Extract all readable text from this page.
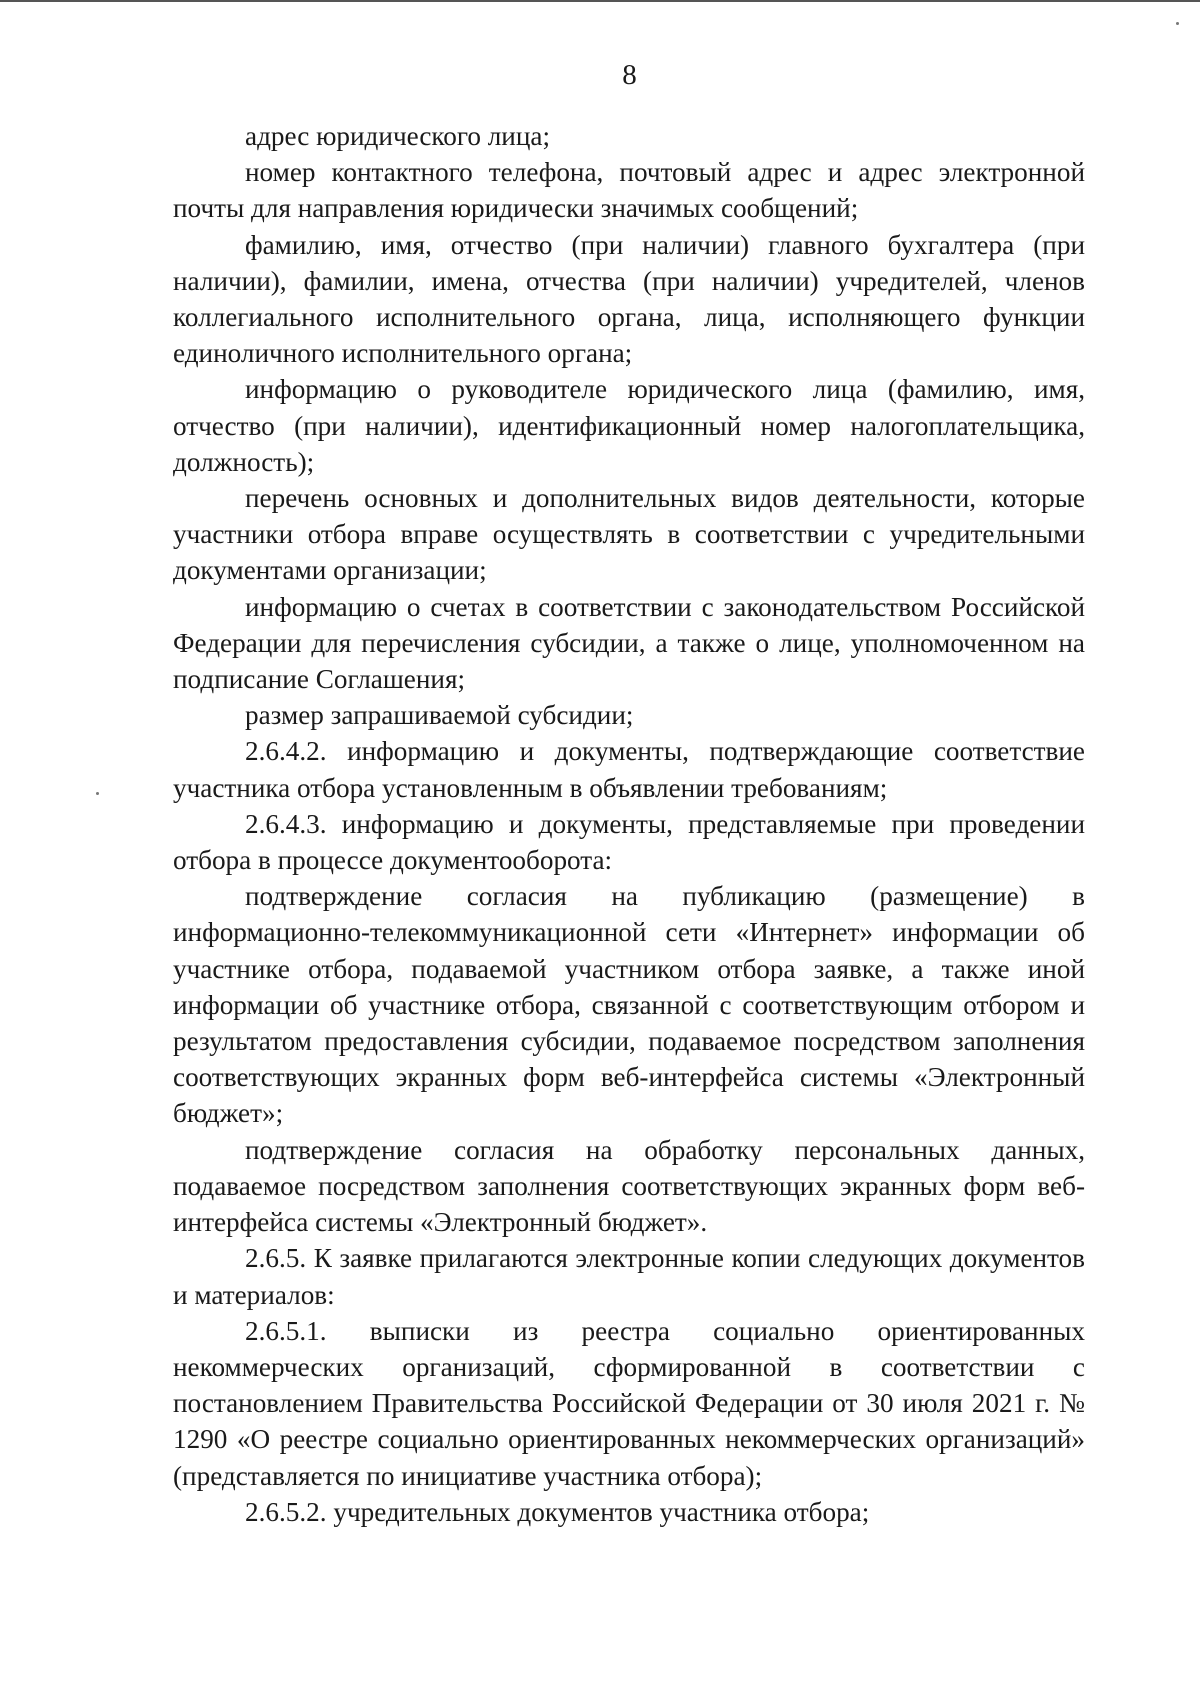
8

адрес юридического лица;

номер контактного телефона, почтовый адрес и адрес электронной почты для направления юридически значимых сообщений;

фамилию, имя, отчество (при наличии) главного бухгалтера (при наличии), фамилии, имена, отчества (при наличии) учредителей, членов коллегиального исполнительного органа, лица, исполняющего функции единоличного исполнительного органа;

информацию о руководителе юридического лица (фамилию, имя, отчество (при наличии), идентификационный номер налогоплательщика, должность);

перечень основных и дополнительных видов деятельности, которые участники отбора вправе осуществлять в соответствии с учредительными документами организации;

информацию о счетах в соответствии с законодательством Российской Федерации для перечисления субсидии, а также о лице, уполномоченном на подписание Соглашения;

размер запрашиваемой субсидии;

2.6.4.2. информацию и документы, подтверждающие соответствие участника отбора установленным в объявлении требованиям;

2.6.4.3. информацию и документы, представляемые при проведении отбора в процессе документооборота:

подтверждение согласия на публикацию (размещение) в информационно-телекоммуникационной сети «Интернет» информации об участнике отбора, подаваемой участником отбора заявке, а также иной информации об участнике отбора, связанной с соответствующим отбором и результатом предоставления субсидии, подаваемое посредством заполнения соответствующих экранных форм веб-интерфейса системы «Электронный бюджет»;

подтверждение согласия на обработку персональных данных, подаваемое посредством заполнения соответствующих экранных форм веб-интерфейса системы «Электронный бюджет».

2.6.5. К заявке прилагаются электронные копии следующих документов и материалов:

2.6.5.1. выписки из реестра социально ориентированных некоммерческих организаций, сформированной в соответствии с постановлением Правительства Российской Федерации от 30 июля 2021 г. № 1290 «О реестре социально ориентированных некоммерческих организаций» (представляется по инициативе участника отбора);

2.6.5.2. учредительных документов участника отбора;
